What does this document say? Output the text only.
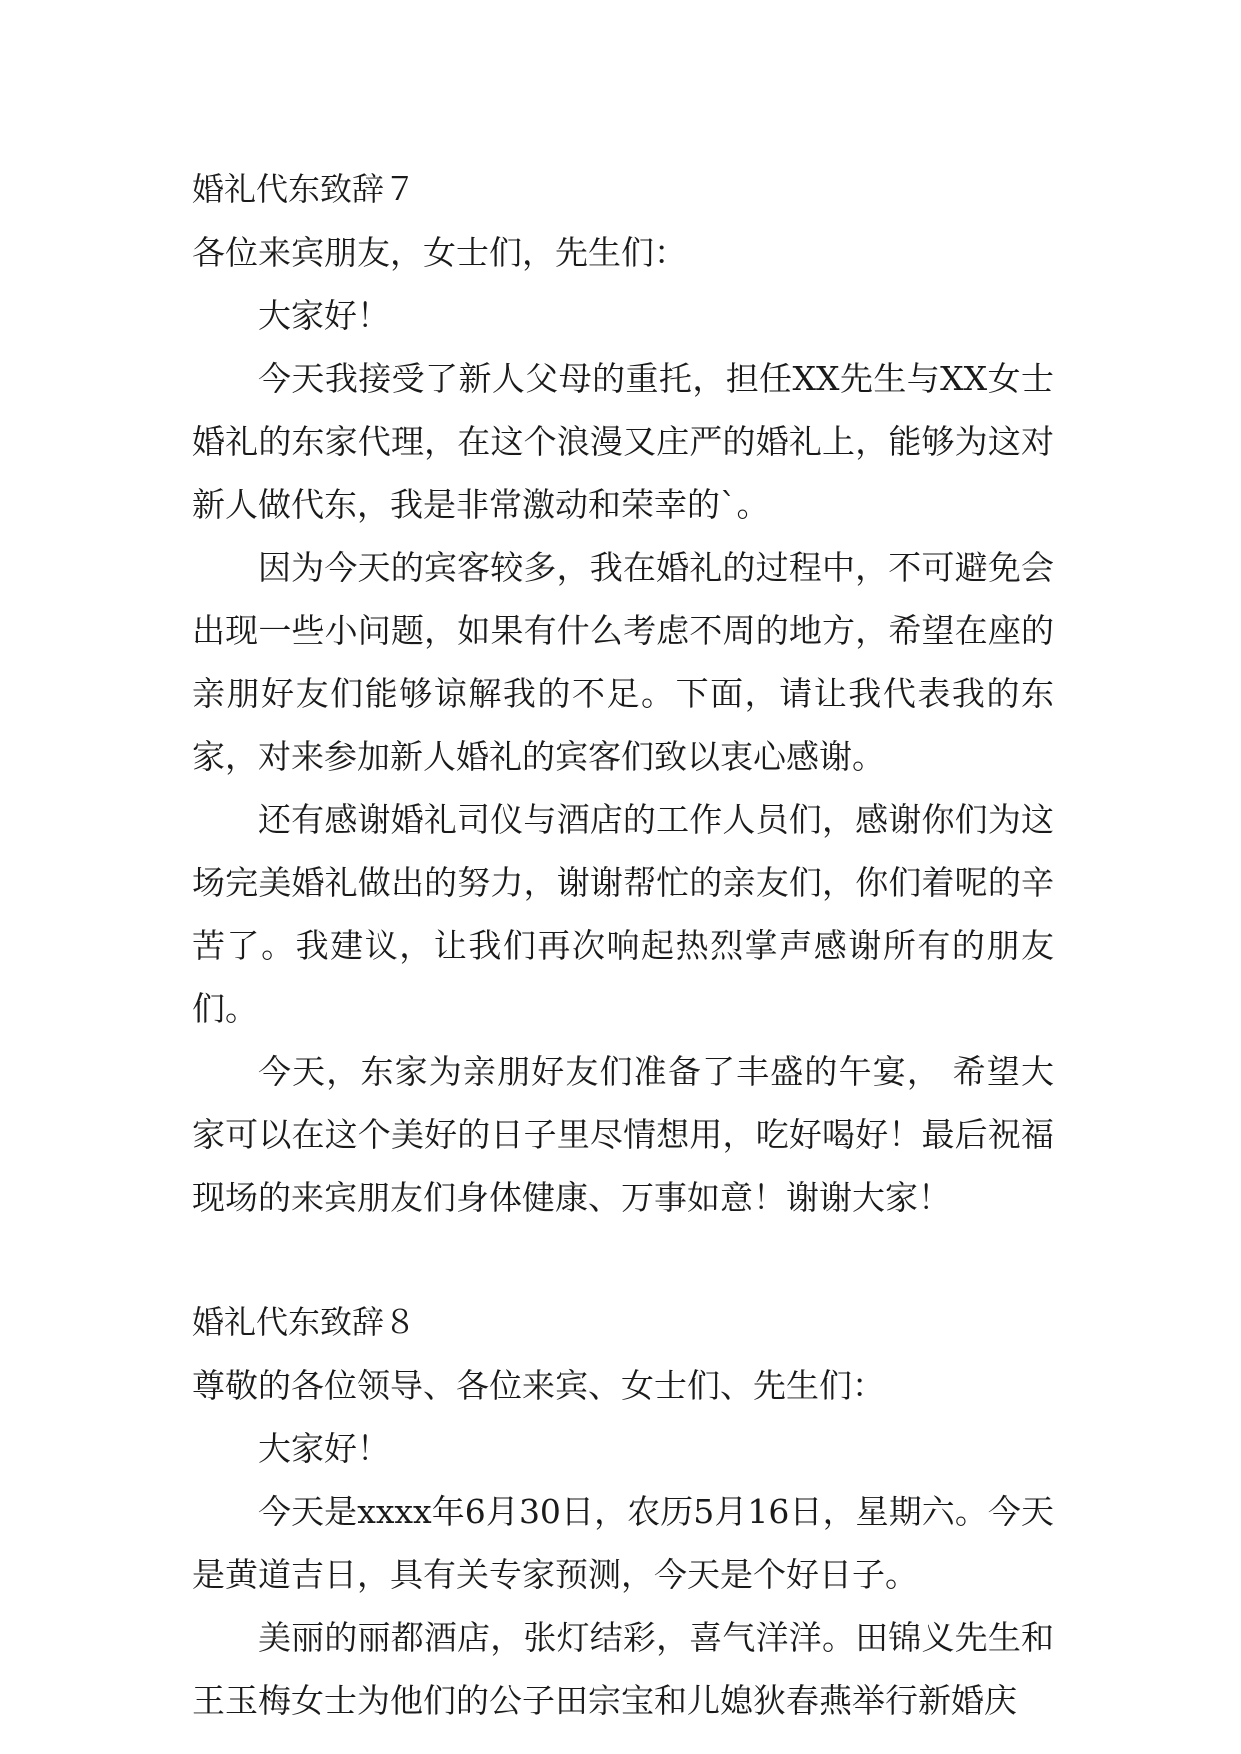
婚礼代东致辞７

各位来宾朋友，女士们，先生们：

大家好！

今天我接受了新人父母的重托，担任XX先生与XX女士婚礼的东家代理，在这个浪漫又庄严的婚礼上，能够为这对新人做代东，我是非常激动和荣幸的`。

因为今天的宾客较多，我在婚礼的过程中，不可避免会出现一些小问题，如果有什么考虑不周的地方，希望在座的亲朋好友们能够谅解我的不足。下面，请让我代表我的东家，对来参加新人婚礼的宾客们致以衷心感谢。

还有感谢婚礼司仪与酒店的工作人员们，感谢你们为这场完美婚礼做出的努力，谢谢帮忙的亲友们，你们着呢的辛苦了。我建议，让我们再次响起热烈掌声感谢所有的朋友们。

今天，东家为亲朋好友们准备了丰盛的午宴， 希望大家可以在这个美好的日子里尽情想用，吃好喝好！最后祝福现场的来宾朋友们身体健康、万事如意！谢谢大家！

婚礼代东致辞８

尊敬的各位领导、各位来宾、女士们、先生们：

大家好！

今天是xxxx年6月30日，农历5月16日，星期六。今天是黄道吉日，具有关专家预测，今天是个好日子。

美丽的丽都酒店，张灯结彩，喜气洋洋。田锦义先生和王玉梅女士为他们的公子田宗宝和儿媳狄春燕举行新婚庆
